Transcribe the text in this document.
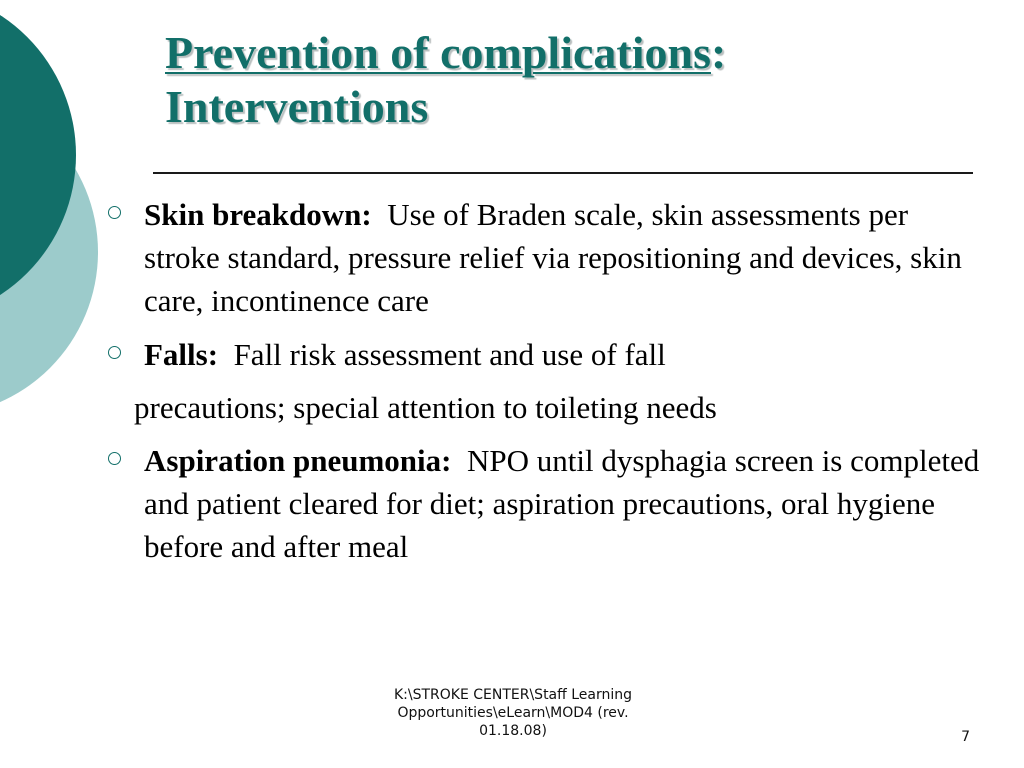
Prevention of complications:
Interventions
Skin breakdown: Use of Braden scale, skin assessments per stroke standard, pressure relief via repositioning and devices, skin care, incontinence care
Falls: Fall risk assessment and use of fall
precautions; special attention to toileting needs
Aspiration pneumonia: NPO until dysphagia screen is completed and patient cleared for diet; aspiration precautions, oral hygiene before and after meal
K:\STROKE CENTER\Staff Learning
Opportunities\eLearn\MOD4 (rev.
01.18.08)	7
